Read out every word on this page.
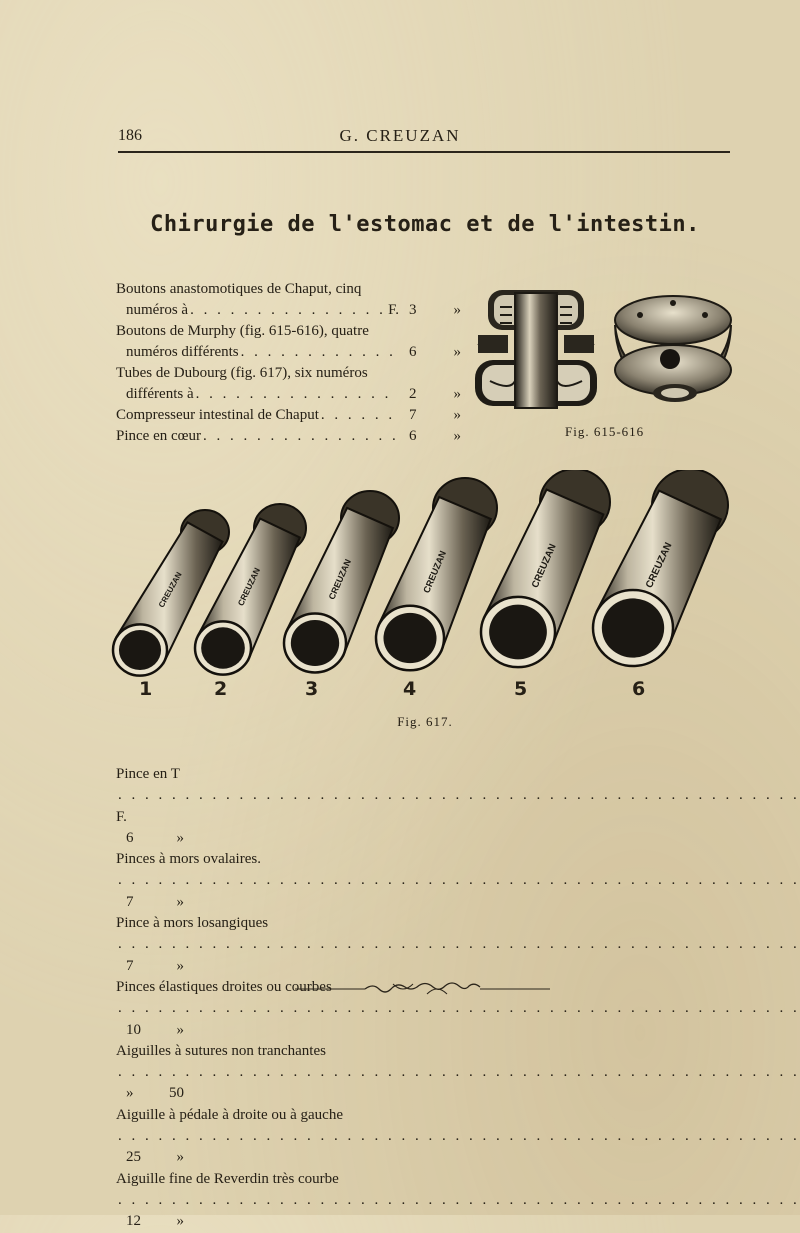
186	G. CREUZAN
Chirurgie de l'estomac et de l'intestin.
Boutons anastomotiques de Chaput, cinq
numéros à . . .	F. 3 »
Boutons de Murphy (fig. 615-616), quatre
numéros différents . . .	6 »
Tubes de Dubourg (fig. 617), six numéros
différents à . . .	2 »
Compresseur intestinal de Chaput . . .	7 »
Pince en cœur . . .	6 »	Fig. 615-616
CREUZAN	CREUZAN	CREUZAN	CREUZAN	CREUZAN	CREUZAN
1	2	3	4	5	6
Fig. 617.
Pince en T . . . F.
6	»
Pinces à mors ovalaires. . . .
7	»
Pince à mors losangiques . . .
7	»
Pinces élastiques droites ou courbes . . .
10 »
Aiguilles à sutures non tranchantes . . .
» 50
Aiguille à pédale à droite ou à gauche . . .
25 »
Aiguille fine de Reverdin très courbe . . .
12 »
